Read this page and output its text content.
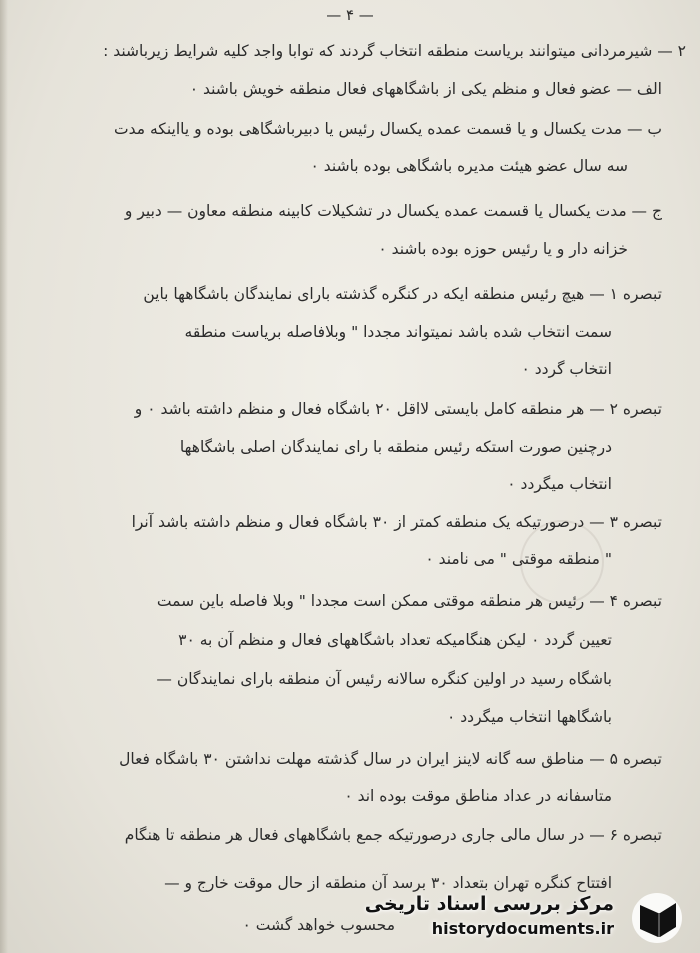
— ۴ —
۲ — شیرمردانی میتوانند بریاست منطقه انتخاب گردند که توابا واجد کلیه شرایط زیرباشند :
الف — عضو فعال و منظم یکی از باشگاههای فعال منطقه خویش باشند ۰
ب — مدت یکسال و یا قسمت عمده یکسال رئیس یا دبیرباشگاهی بوده و یااینکه مدت
سه سال عضو هیئت مدیره باشگاهی بوده باشند ۰
ج — مدت یکسال یا قسمت عمده یکسال در تشکیلات کابینه منطقه معاون — دبیر و
خزانه دار و یا رئیس حوزه بوده باشند ۰
تبصره ۱ — هیچ رئیس منطقه ایکه در کنگره گذشته بارای نمایندگان باشگاهها باین
سمت انتخاب شده باشد نمیتواند مجددا " وبلافاصله بریاست منطقه
انتخاب گردد ۰
تبصره ۲ — هر منطقه کامل بایستی لااقل ۲۰ باشگاه فعال و منظم داشته باشد ۰ و
درچنین صورت استکه رئیس منطقه با رای نمایندگان اصلی باشگاهها
انتخاب میگردد ۰
تبصره ۳ — درصورتیکه یک منطقه کمتر از ۳۰ باشگاه فعال و منظم داشته باشد آنرا
" منطقه موقتی " می نامند ۰
تبصره ۴ — رئیس هر منطقه موقتی ممکن است مجددا " وبلا فاصله باین سمت
تعیین گردد ۰ لیکن هنگامیکه تعداد باشگاههای فعال و منظم آن به ۳۰
باشگاه رسید در اولین کنگره سالانه رئیس آن منطقه بارای نمایندگان —
باشگاهها انتخاب میگردد ۰
تبصره ۵ — مناطق سه گانه لاینز ایران در سال گذشته مهلت نداشتن ۳۰ باشگاه فعال
متاسفانه در عداد مناطق موقت بوده اند ۰
تبصره ۶ — در سال مالی جاری درصورتیکه جمع باشگاههای فعال هر منطقه تا هنگام
افتتاح کنگره تهران بتعداد ۳۰ برسد آن منطقه از حال موقت خارج و —
محسوب خواهد گشت ۰
مرکز بررسی اسناد تاریخی
historydocuments.ir
